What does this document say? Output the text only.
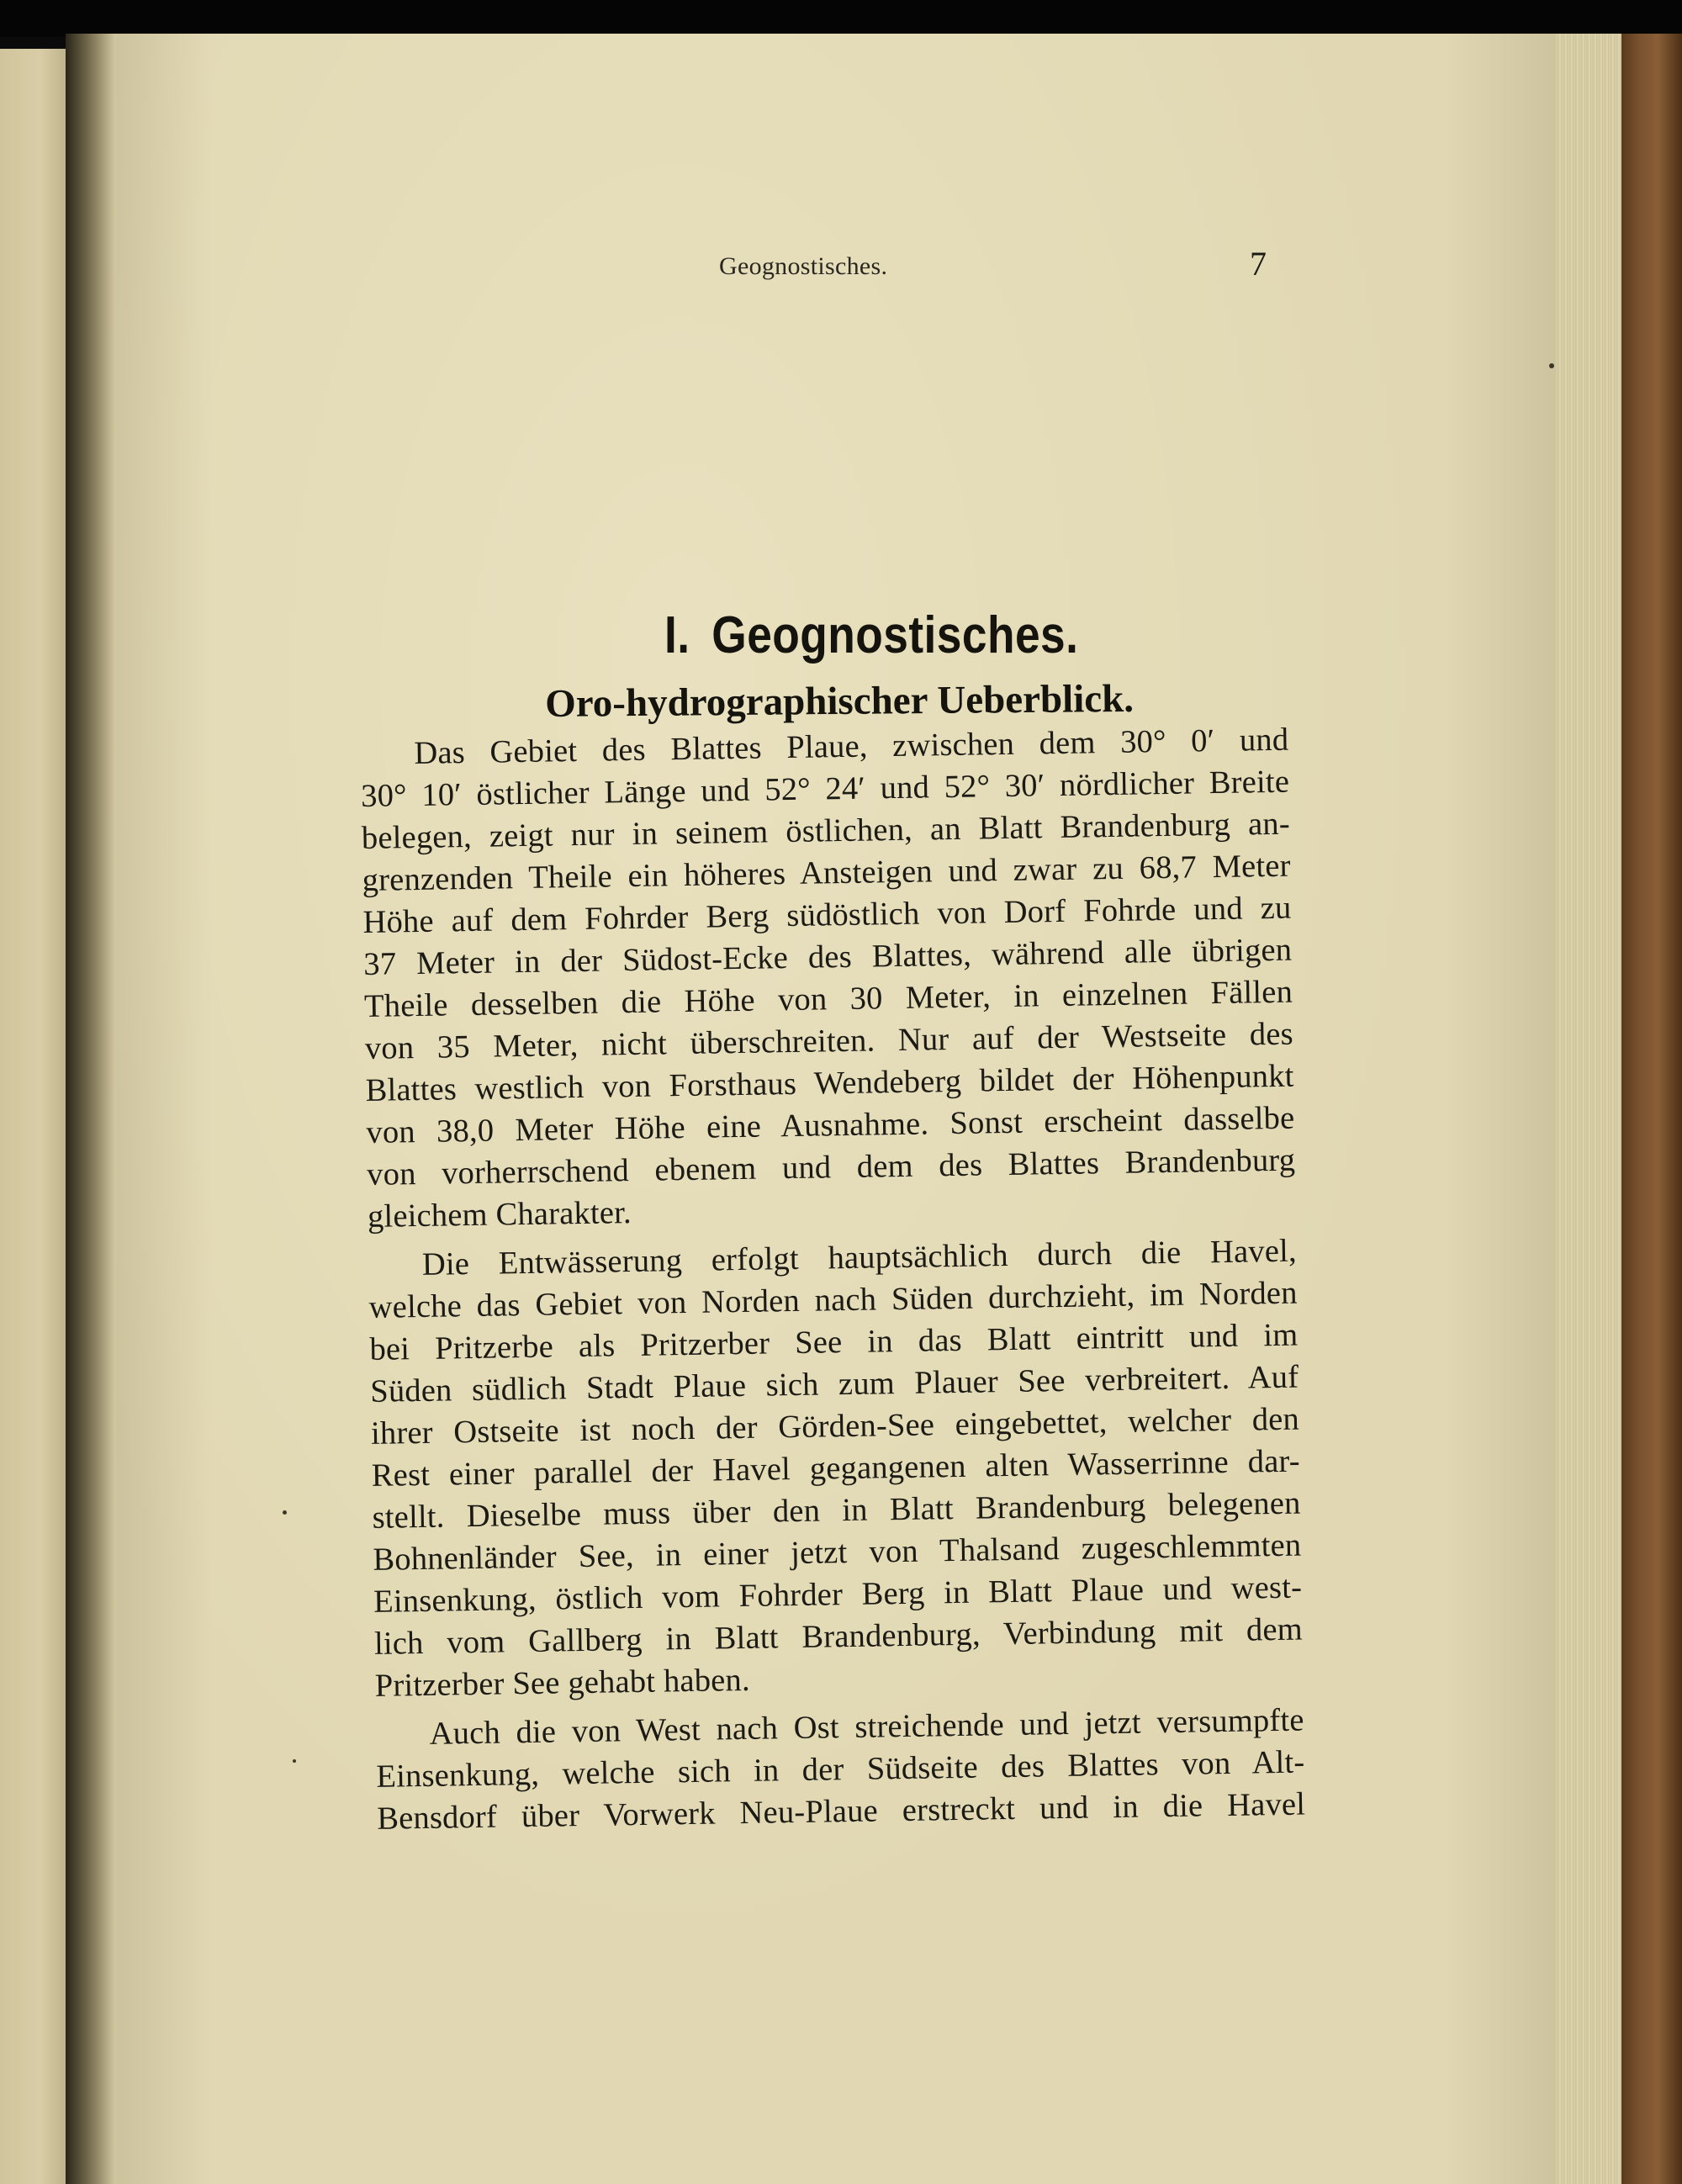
Geognostisches.	7
I. Geognostisches.
Oro-hydrographischer Ueberblick.
Das Gebiet des Blattes Plaue, zwischen dem 30° 0′ und
30° 10′ östlicher Länge und 52° 24′ und 52° 30′ nördlicher Breite
belegen, zeigt nur in seinem östlichen, an Blatt Brandenburg an-
grenzenden Theile ein höheres Ansteigen und zwar zu 68,7 Meter
Höhe auf dem Fohrder Berg südöstlich von Dorf Fohrde und zu
37 Meter in der Südost-Ecke des Blattes, während alle übrigen
Theile desselben die Höhe von 30 Meter, in einzelnen Fällen
von 35 Meter, nicht überschreiten. Nur auf der Westseite des
Blattes westlich von Forsthaus Wendeberg bildet der Höhenpunkt
von 38,0 Meter Höhe eine Ausnahme. Sonst erscheint dasselbe
von vorherrschend ebenem und dem des Blattes Brandenburg
gleichem Charakter.
Die Entwässerung erfolgt hauptsächlich durch die Havel,
welche das Gebiet von Norden nach Süden durchzieht, im Norden
bei Pritzerbe als Pritzerber See in das Blatt eintritt und im
Süden südlich Stadt Plaue sich zum Plauer See verbreitert. Auf
ihrer Ostseite ist noch der Görden-See eingebettet, welcher den
Rest einer parallel der Havel gegangenen alten Wasserrinne dar-
stellt. Dieselbe muss über den in Blatt Brandenburg belegenen
Bohnenländer See, in einer jetzt von Thalsand zugeschlemmten
Einsenkung, östlich vom Fohrder Berg in Blatt Plaue und west-
lich vom Gallberg in Blatt Brandenburg, Verbindung mit dem
Pritzerber See gehabt haben.
Auch die von West nach Ost streichende und jetzt versumpfte
Einsenkung, welche sich in der Südseite des Blattes von Alt-
Bensdorf über Vorwerk Neu-Plaue erstreckt und in die Havel
